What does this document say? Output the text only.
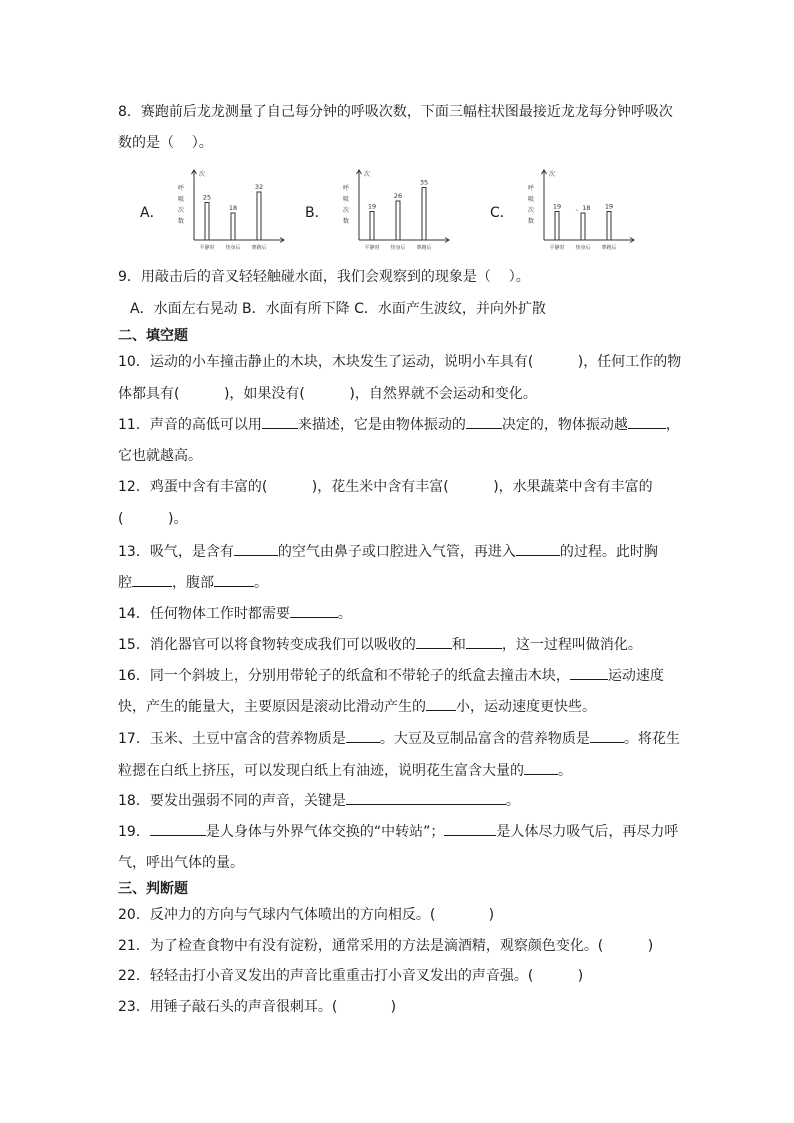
8．赛跑前后龙龙测量了自己每分钟的呼吸次数，下面三幅柱状图最接近龙龙每分钟呼吸次
数的是（    ）。
A．
次
呼
吸
次
数
25
平静时
18
热身后
32
赛跑后
B．
次
呼
吸
次
数
19
平静时
26
热身后
35
赛跑后
C．
次
呼
吸
次
数
19
平静时
、18
热身后
19
赛跑后
9．用敲击后的音叉轻轻触碰水面，我们会观察到的现象是（    ）。
A．水面左右晃动 B．水面有所下降 C．水面产生波纹，并向外扩散
二、填空题
10．运动的小车撞击静止的木块，木块发生了运动，说明小车具有(          )，任何工作的物
体都具有(          )，如果没有(          )，自然界就不会运动和变化。
11．声音的高低可以用	来描述，它是由物体振动的	决定的，物体振动越	，
它也就越高。
12．鸡蛋中含有丰富的(          )，花生米中含有丰富(          )，水果蔬菜中含有丰富的
(          )。
13．吸气，是含有	的空气由鼻子或口腔进入气管，再进入	的过程。此时胸
腔	，腹部	。
14．任何物体工作时都需要	。
15．消化器官可以将食物转变成我们可以吸收的	和	，这一过程叫做消化。
16．同一个斜坡上，分别用带轮子的纸盒和不带轮子的纸盒去撞击木块，	运动速度
快，产生的能量大，主要原因是滚动比滑动产生的 小，运动速度更快些。
17．玉米、土豆中富含的营养物质是 。大豆及豆制品富含的营养物质是 。将花生
粒摁在白纸上挤压，可以发现白纸上有油迹，说明花生富含大量的 。
18．要发出强弱不同的声音，关键是	。
19．	是人身体与外界气体交换的“中转站”；	是人体尽力吸气后，再尽力呼
气，呼出气体的量。
三、判断题
20．反冲力的方向与气球内气体喷出的方向相反。(            )
21．为了检查食物中有没有淀粉，通常采用的方法是滴酒精，观察颜色变化。(          )
22．轻轻击打小音叉发出的声音比重重击打小音叉发出的声音强。(          )
23．用锤子敲石头的声音很刺耳。(            )
